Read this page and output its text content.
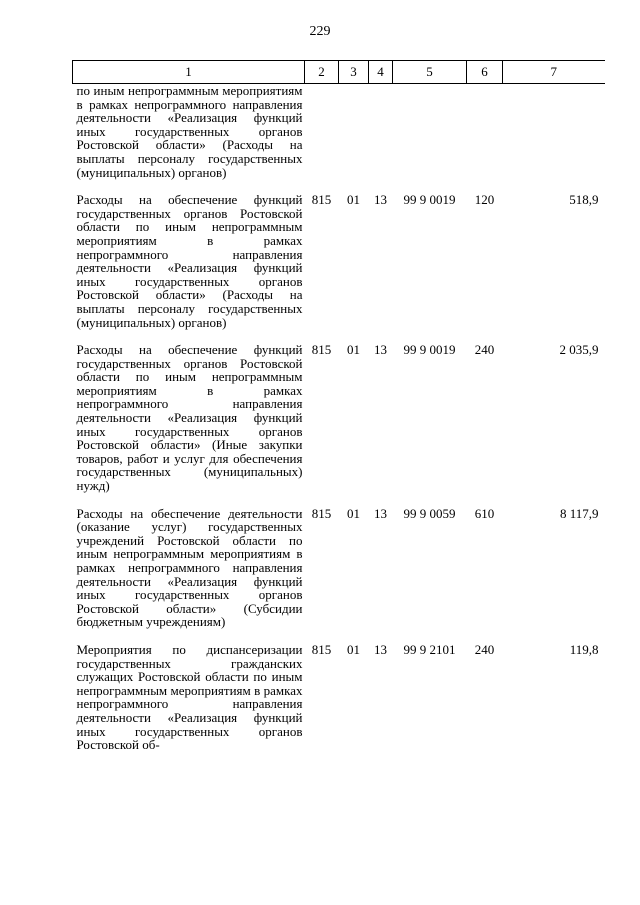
229
1	2	3	4	5	6	7
по иным непрограммным мероприятиям в рамках непрограммного направления деятельности «Реализация функций иных государственных органов Ростовской области» (Расходы на выплаты персоналу государственных (муниципальных) органов)						

Расходы на обеспечение функций государственных органов Ростовской области по иным непрограммным мероприятиям в рамках непрограммного направления деятельности «Реализация функций иных государственных органов Ростовской области» (Расходы на выплаты персоналу государственных (муниципальных) органов)	815	01	13	99 9 0019	120	518,9

Расходы на обеспечение функций государственных органов Ростовской области по иным непрограммным мероприятиям в рамках непрограммного направления деятельности «Реализация функций иных государственных органов Ростовской области» (Иные закупки товаров, работ и услуг для обеспечения государственных (муниципальных) нужд)	815	01	13	99 9 0019	240	2 035,9

Расходы на обеспечение деятельности (оказание услуг) государственных учреждений Ростовской области по иным непрограммным мероприятиям в рамках непрограммного направления деятельности «Реализация функций иных государственных органов Ростовской области» (Субсидии бюджетным учреждениям)	815	01	13	99 9 0059	610	8 117,9

Мероприятия по диспансеризации государственных гражданских служащих Ростовской области по иным непрограммным мероприятиям в рамках непрограммного направления деятельности «Реализация функций иных государственных органов Ростовской об-	815	01	13	99 9 2101	240	119,8
